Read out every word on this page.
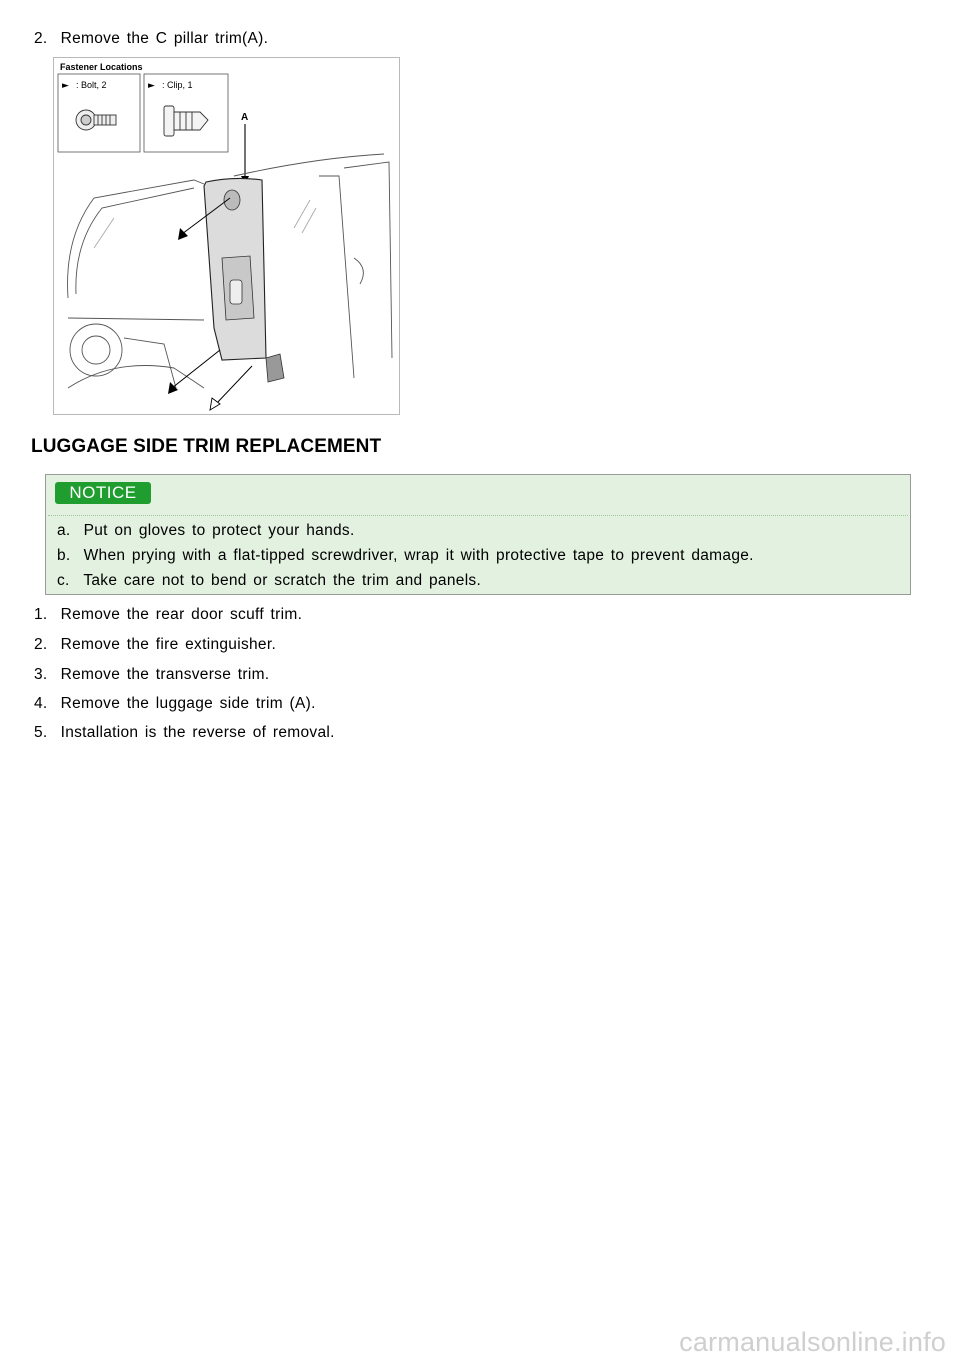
2. Remove the C pillar trim(A).
Fastener Locations
► : Bolt, 2	► : Clip, 1
A
LUGGAGE SIDE TRIM REPLACEMENT
NOTICE
a. Put on gloves to protect your hands.
b. When prying with a flat-tipped screwdriver, wrap it with protective tape to prevent damage.
c. Take care not to bend or scratch the trim and panels.
1. Remove the rear door scuff trim.
2. Remove the fire extinguisher.
3. Remove the transverse trim.
4. Remove the luggage side trim (A).
5. Installation is the reverse of removal.
carmanualsonline.info
